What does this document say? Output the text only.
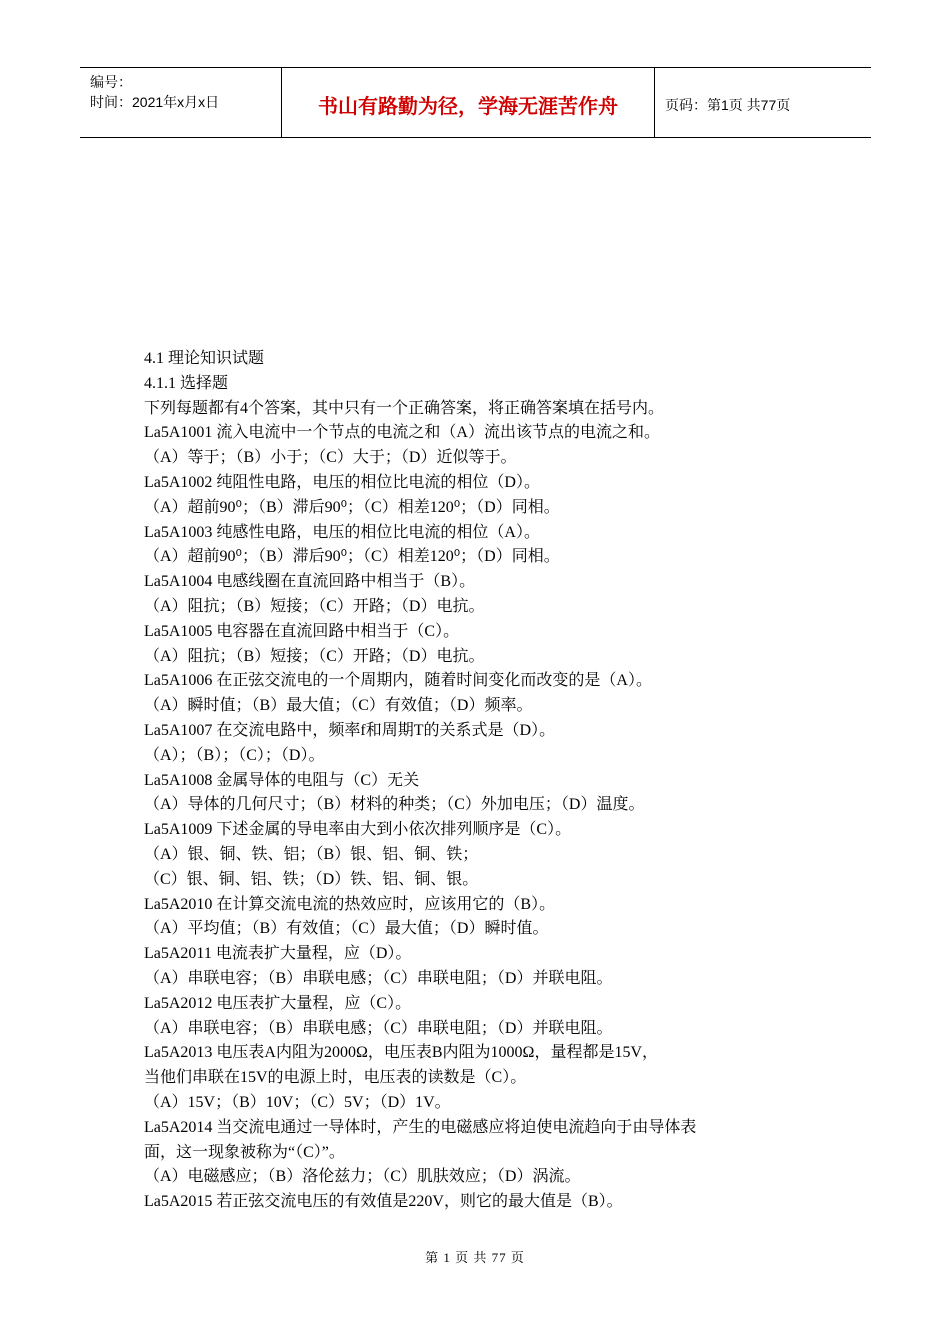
编号：
时间：2021年x月x日	书山有路勤为径，学海无涯苦作舟	页码：第1页 共77页
4.1 理论知识试题
4.1.1 选择题
下列每题都有4个答案，其中只有一个正确答案，将正确答案填在括号内。
La5A1001 流入电流中一个节点的电流之和（A）流出该节点的电流之和。
（A）等于；（B）小于；（C）大于；（D）近似等于。
La5A1002 纯阻性电路，电压的相位比电流的相位（D）。
（A）超前90⁰；（B）滞后90⁰；（C）相差120⁰；（D）同相。
La5A1003 纯感性电路，电压的相位比电流的相位（A）。
（A）超前90⁰；（B）滞后90⁰；（C）相差120⁰；（D）同相。
La5A1004 电感线圈在直流回路中相当于（B）。
（A）阻抗；（B）短接；（C）开路；（D）电抗。
La5A1005 电容器在直流回路中相当于（C）。
（A）阻抗；（B）短接；（C）开路；（D）电抗。
La5A1006 在正弦交流电的一个周期内，随着时间变化而改变的是（A）。
（A）瞬时值；（B）最大值；（C）有效值；（D）频率。
La5A1007 在交流电路中，频率f和周期T的关系式是（D）。
（A）；（B）；（C）；（D）。
La5A1008 金属导体的电阻与（C）无关
（A）导体的几何尺寸；（B）材料的种类；（C）外加电压；（D）温度。
La5A1009 下述金属的导电率由大到小依次排列顺序是（C）。
（A）银、铜、铁、铝；（B）银、铝、铜、铁；
（C）银、铜、铝、铁；（D）铁、铝、铜、银。
La5A2010 在计算交流电流的热效应时，应该用它的（B）。
（A）平均值；（B）有效值；（C）最大值；（D）瞬时值。
La5A2011 电流表扩大量程，应（D）。
（A）串联电容；（B）串联电感；（C）串联电阻；（D）并联电阻。
La5A2012 电压表扩大量程，应（C）。
（A）串联电容；（B）串联电感；（C）串联电阻；（D）并联电阻。
La5A2013 电压表A内阻为2000Ω，电压表B内阻为1000Ω，量程都是15V，
当他们串联在15V的电源上时，电压表的读数是（C）。
（A）15V；（B）10V；（C）5V；（D）1V。
La5A2014 当交流电通过一导体时，产生的电磁感应将迫使电流趋向于由导体表
面，这一现象被称为“（C）”。
（A）电磁感应；（B）洛伦兹力；（C）肌肤效应；（D）涡流。
La5A2015 若正弦交流电压的有效值是220V，则它的最大值是（B）。
第 1 页 共 77 页
